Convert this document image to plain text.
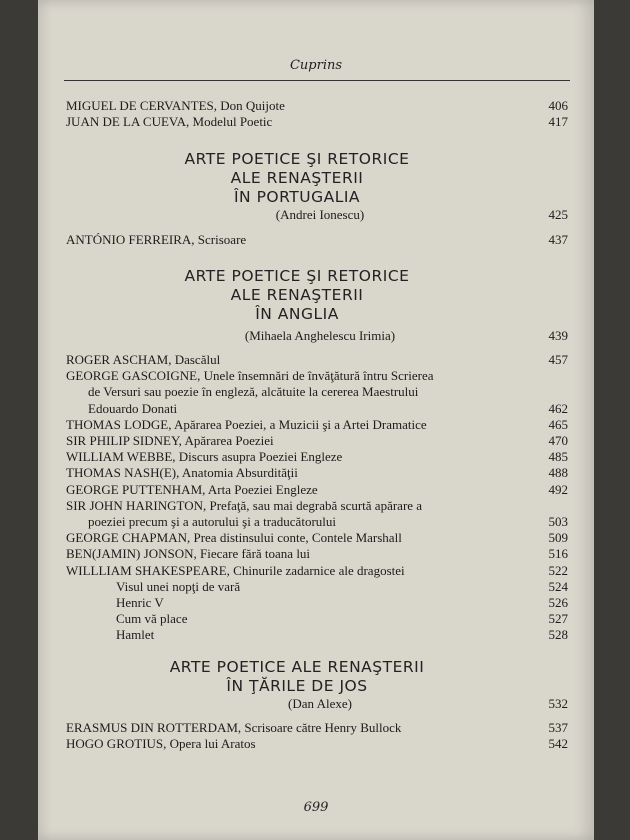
Cuprins
MIGUEL DE CERVANTES, Don Quijote	406
JUAN DE LA CUEVA, Modelul Poetic	417
ARTE POETICE ŞI RETORICE
ALE RENAŞTERII
ÎN PORTUGALIA
(Andrei Ionescu)	425
ANTÓNIO FERREIRA, Scrisoare	437
ARTE POETICE ŞI RETORICE
ALE RENAŞTERII
ÎN ANGLIA
(Mihaela Anghelescu Irimia)	439
ROGER ASCHAM, Dascălul	457
GEORGE GASCOIGNE, Unele însemnări de învăţătură întru Scrierea
de Versuri sau poezie în engleză, alcătuite la cererea Maestrului
Edouardo Donati	462
THOMAS LODGE, Apărarea Poeziei, a Muzicii şi a Artei Dramatice	465
SIR PHILIP SIDNEY, Apărarea Poeziei	470
WILLIAM WEBBE, Discurs asupra Poeziei Engleze	485
THOMAS NASH(E), Anatomia Absurdităţii	488
GEORGE PUTTENHAM, Arta Poeziei Engleze	492
SIR JOHN HARINGTON, Prefaţă, sau mai degrabă scurtă apărare a
poeziei precum şi a autorului şi a traducătorului	503
GEORGE CHAPMAN, Prea distinsului conte, Contele Marshall	509
BEN(JAMIN) JONSON, Fiecare fără toana lui	516
WILLLIAM SHAKESPEARE, Chinurile zadarnice ale dragostei	522
Visul unei nopţi de vară	524
Henric V	526
Cum vă place	527
Hamlet	528
ARTE POETICE ALE RENAŞTERII
ÎN ŢĂRILE DE JOS
(Dan Alexe)	532
ERASMUS DIN ROTTERDAM, Scrisoare către Henry Bullock	537
HOGO GROTIUS, Opera lui Aratos	542
699
